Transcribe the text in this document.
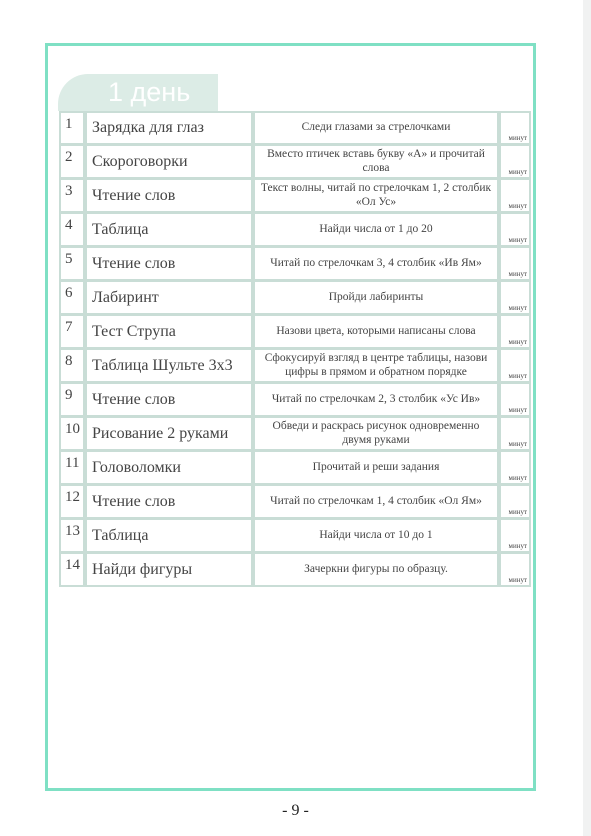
1 день
1	Зарядка для глаз	Следи глазами за стрелочками	минут

2	Скороговорки	Вместо птичек вставь букву «А» и прочитай слова	минут

3	Чтение слов	Текст волны, читай по стрелочкам 1, 2 столбик «Ол Ус»	минут

4	Таблица	Найди числа от 1 до 20	минут

5	Чтение слов	Читай по стрелочкам 3, 4 столбик «Ив Ям»	минут

6	Лабиринт	Пройди лабиринты	минут

7	Тест Струпа	Назови цвета, которыми написаны слова	минут

8	Таблица Шульте 3х3	Сфокусируй взгляд в центре таблицы, назови цифры в прямом и обратном порядке	минут

9	Чтение слов	Читай по стрелочкам 2, 3 столбик «Ус Ив»	минут

10	Рисование 2 руками	Обведи и раскрась рисунок одновременно двумя руками	минут

11	Головоломки	Прочитай и реши задания	минут

12	Чтение слов	Читай по стрелочкам 1, 4 столбик «Ол Ям»	минут

13	Таблица	Найди числа от 10 до 1	минут

14	Найди фигуры	Зачеркни фигуры по образцу.	минут
- 9 -
